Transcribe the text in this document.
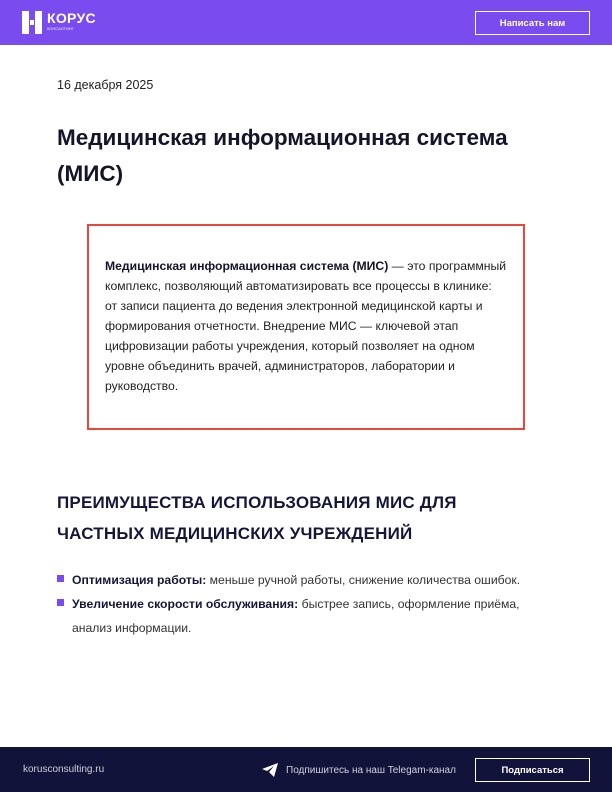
КОРУС
КОНСАЛТИНГ	Написать нам
16 декабря 2025
Медицинская информационная система (МИС)
Медицинская информационная система (МИС) — это программный комплекс, позволяющий автоматизировать все процессы в клинике: от записи пациента до ведения электронной медицинской карты и формирования отчетности. Внедрение МИС — ключевой этап цифровизации работы учреждения, который позволяет на одном уровне объединить врачей, администраторов, лаборатории и руководство.
ПРЕИМУЩЕСТВА ИСПОЛЬЗОВАНИЯ МИС ДЛЯ ЧАСТНЫХ МЕДИЦИНСКИХ УЧРЕЖДЕНИЙ
Оптимизация работы: меньше ручной работы, снижение количества ошибок.
Увеличение скорости обслуживания: быстрее запись, оформление приёма, анализ информации.
korusconsulting.ru	Подпишитесь на наш Telegam-канал	Подписаться
